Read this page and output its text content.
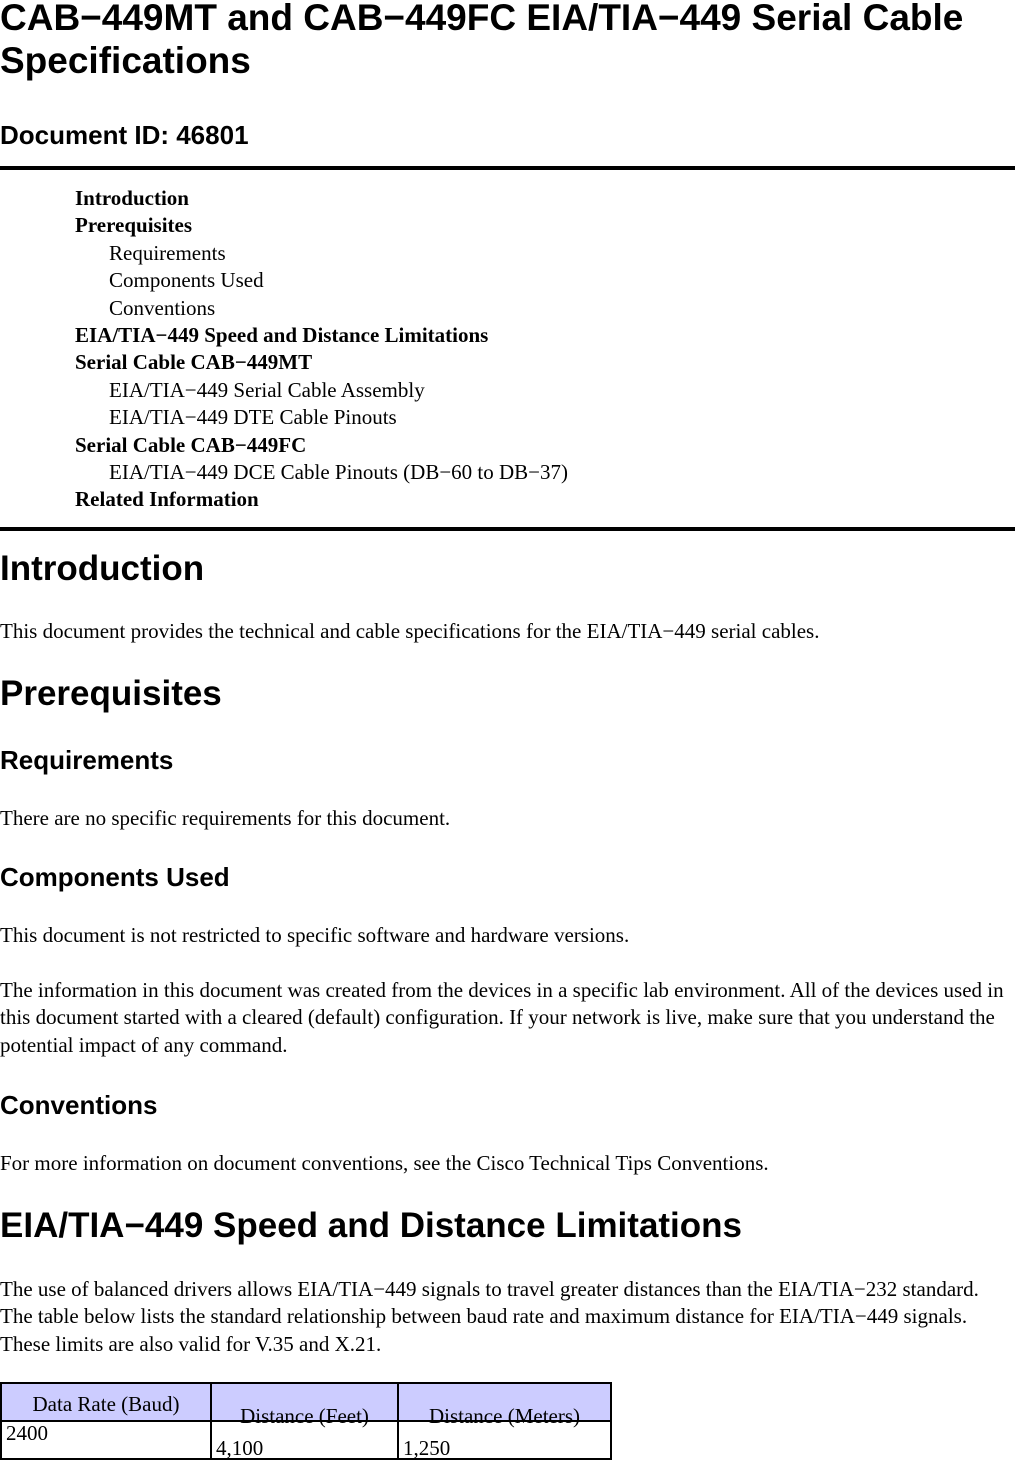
CAB−449MT and CAB−449FC EIA/TIA−449 Serial Cable Specifications
Document ID: 46801
Introduction
Prerequisites
Requirements
Components Used
Conventions
EIA/TIA−449 Speed and Distance Limitations
Serial Cable CAB−449MT
EIA/TIA−449 Serial Cable Assembly
EIA/TIA−449 DTE Cable Pinouts
Serial Cable CAB−449FC
EIA/TIA−449 DCE Cable Pinouts (DB−60 to DB−37)
Related Information
Introduction

This document provides the technical and cable specifications for the EIA/TIA−449 serial cables.

Prerequisites
Requirements

There are no specific requirements for this document.

Components Used

This document is not restricted to specific software and hardware versions.

The information in this document was created from the devices in a specific lab environment. All of the devices used in this document started with a cleared (default) configuration. If your network is live, make sure that you understand the potential impact of any command.

Conventions

For more information on document conventions, see the Cisco Technical Tips Conventions.

EIA/TIA−449 Speed and Distance Limitations

The use of balanced drivers allows EIA/TIA−449 signals to travel greater distances than the EIA/TIA−232 standard. The table below lists the standard relationship between baud rate and maximum distance for EIA/TIA−449 signals. These limits are also valid for V.35 and X.21.

Data Rate (Baud)	Distance (Feet)	Distance (Meters)

2400	4,100	1,250
